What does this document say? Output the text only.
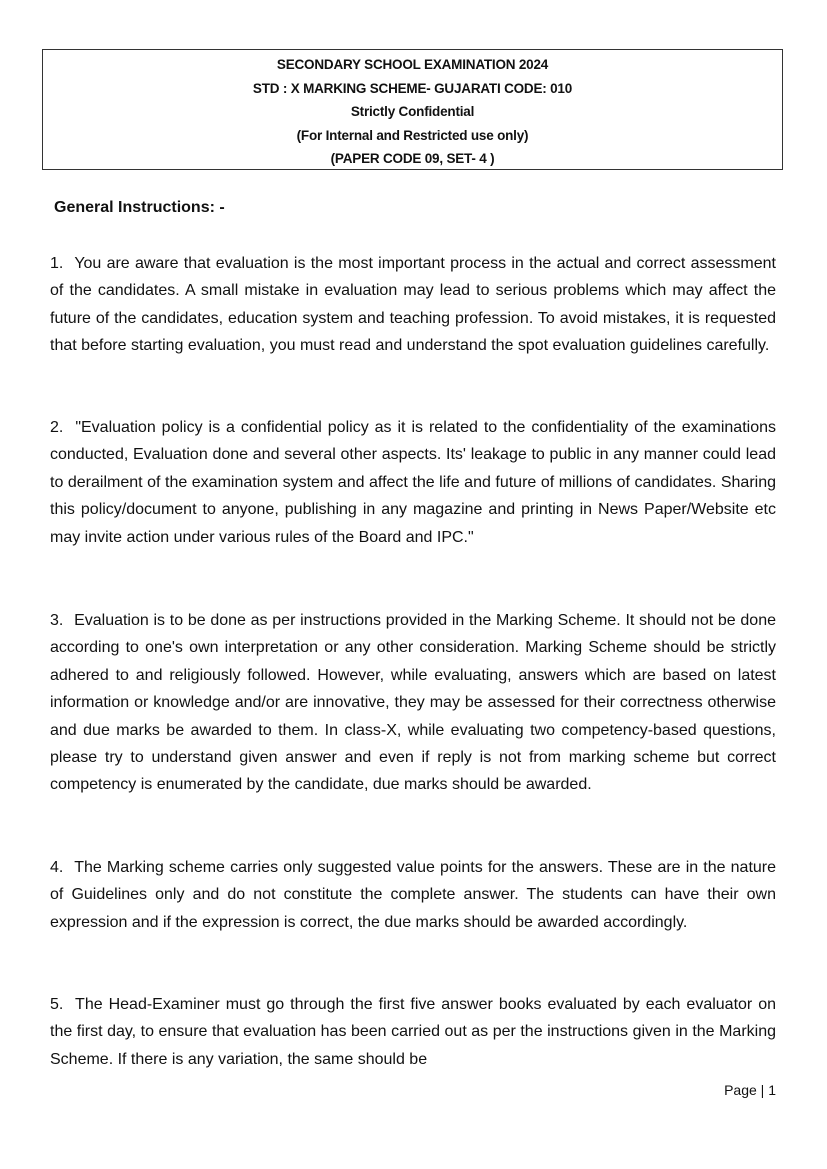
SECONDARY SCHOOL EXAMINATION 2024
STD : X MARKING SCHEME- GUJARATI CODE: 010
Strictly Confidential
(For Internal and Restricted use only)
(PAPER CODE 09, SET- 4 )
General Instructions: -

1. You are aware that evaluation is the most important process in the actual and correct assessment of the candidates. A small mistake in evaluation may lead to serious problems which may affect the future of the candidates, education system and teaching profession. To avoid mistakes, it is requested that before starting evaluation, you must read and understand the spot evaluation guidelines carefully.

2. "Evaluation policy is a confidential policy as it is related to the confidentiality of the examinations conducted, Evaluation done and several other aspects. Its' leakage to public in any manner could lead to derailment of the examination system and affect the life and future of millions of candidates. Sharing this policy/document to anyone, publishing in any magazine and printing in News Paper/Website etc may invite action under various rules of the Board and IPC."

3. Evaluation is to be done as per instructions provided in the Marking Scheme. It should not be done according to one's own interpretation or any other consideration. Marking Scheme should be strictly adhered to and religiously followed. However, while evaluating, answers which are based on latest information or knowledge and/or are innovative, they may be assessed for their correctness otherwise and due marks be awarded to them. In class-X, while evaluating two competency-based questions, please try to understand given answer and even if reply is not from marking scheme but correct competency is enumerated by the candidate, due marks should be awarded.

4. The Marking scheme carries only suggested value points for the answers. These are in the nature of Guidelines only and do not constitute the complete answer. The students can have their own expression and if the expression is correct, the due marks should be awarded accordingly.

5. The Head-Examiner must go through the first five answer books evaluated by each evaluator on the first day, to ensure that evaluation has been carried out as per the instructions given in the Marking Scheme. If there is any variation, the same should be

Page | 1
